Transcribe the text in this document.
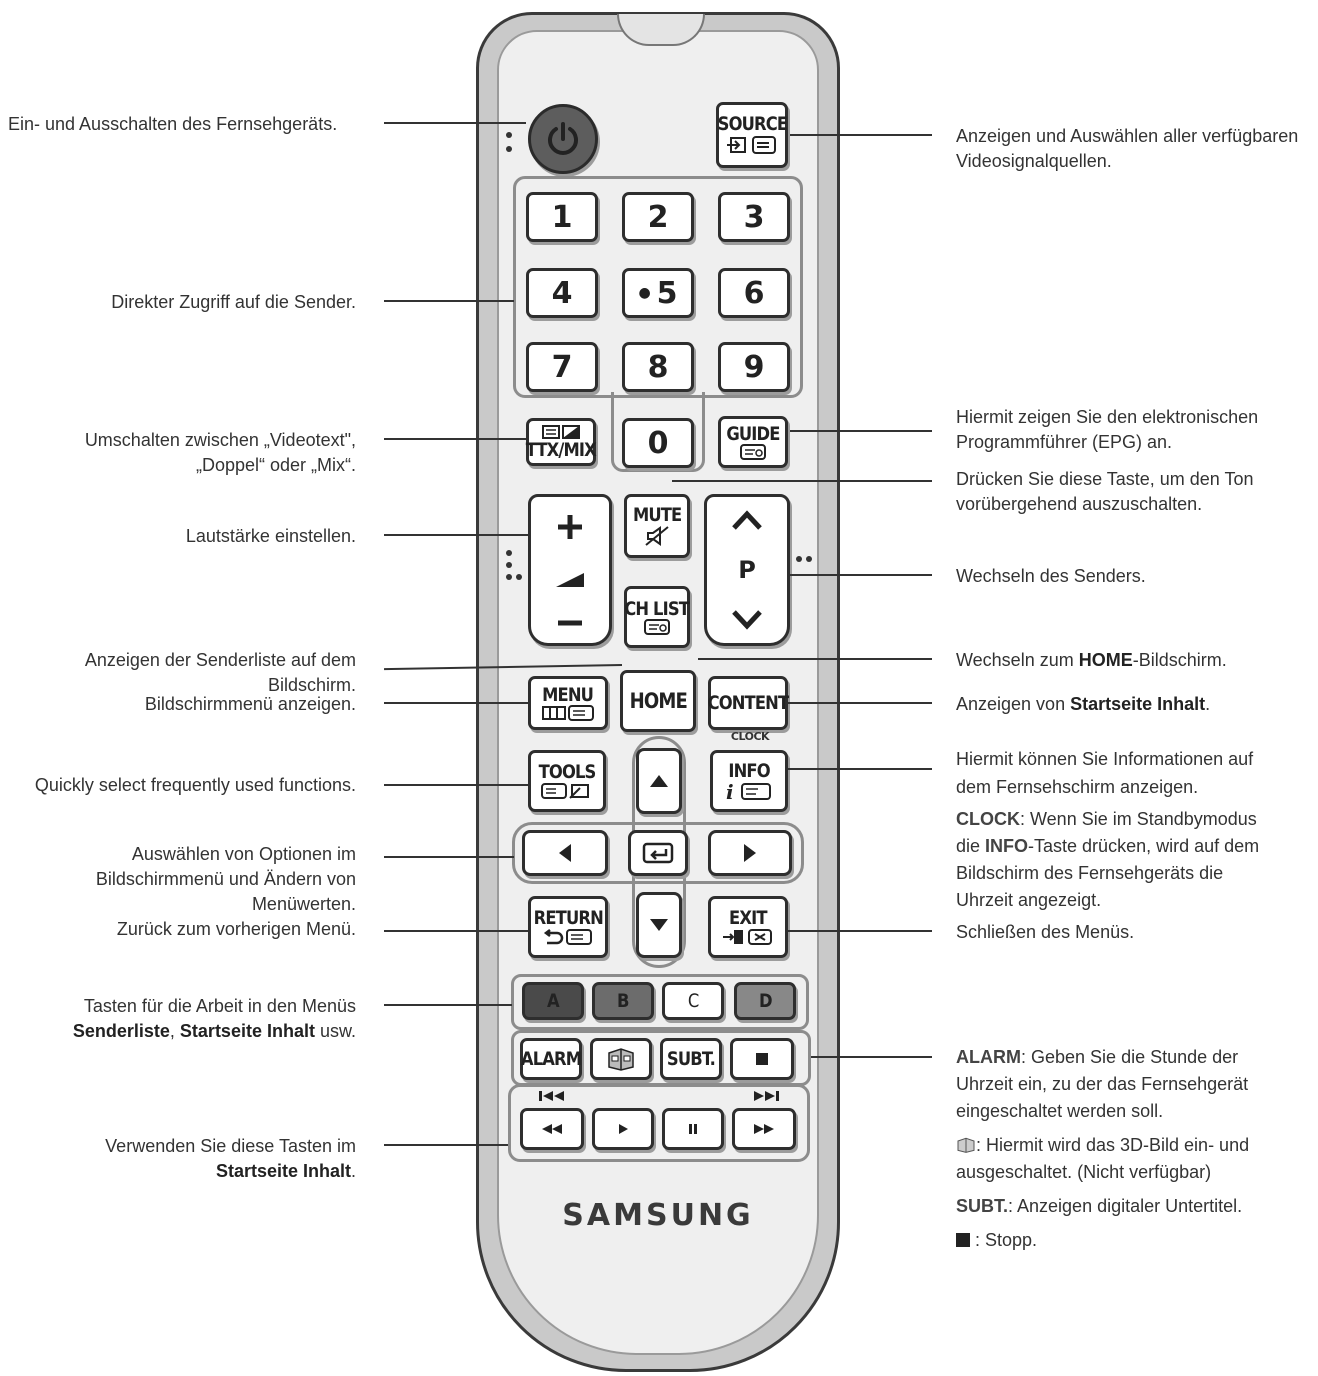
SOURCE
1	2	3
4	● 5 6
7	8	9
TTX/MIX 0	GUIDE
MUTE
CH LIST
P
MENU HOME CONTENT
CLOCK
TOOLS	INFO
i
RETURN	EXIT
A	B	C	D
ALARM	SUBT.
SAMSUNG
Ein- und Ausschalten des Fernsehgeräts.
Direkter Zugriff auf die Sender.
Umschalten zwischen „Videotext",
„Doppel“ oder „Mix“.
Lautstärke einstellen.
Anzeigen der Senderliste auf dem
Bildschirm.
Bildschirmmenü anzeigen.
Quickly select frequently used functions.
Auswählen von Optionen im
Bildschirmmenü und Ändern von
Menüwerten.
Zurück zum vorherigen Menü.
Tasten für die Arbeit in den Menüs
Senderliste, Startseite Inhalt usw.
Verwenden Sie diese Tasten im
Startseite Inhalt.
Anzeigen und Auswählen aller verfügbaren
Videosignalquellen.
Hiermit zeigen Sie den elektronischen
Programmführer (EPG) an.
Drücken Sie diese Taste, um den Ton
vorübergehend auszuschalten.
Wechseln des Senders.
Wechseln zum HOME-Bildschirm.
Anzeigen von Startseite Inhalt.
Hiermit können Sie Informationen auf
dem Fernsehschirm anzeigen.
CLOCK: Wenn Sie im Standbymodus
die INFO-Taste drücken, wird auf dem
Bildschirm des Fernsehgeräts die
Uhrzeit angezeigt.
Schließen des Menüs.
ALARM: Geben Sie die Stunde der
Uhrzeit ein, zu der das Fernsehgerät
eingeschaltet werden soll.
: Hiermit wird das 3D-Bild ein- und
ausgeschaltet. (Nicht verfügbar)
SUBT.: Anzeigen digitaler Untertitel.
: Stopp.
